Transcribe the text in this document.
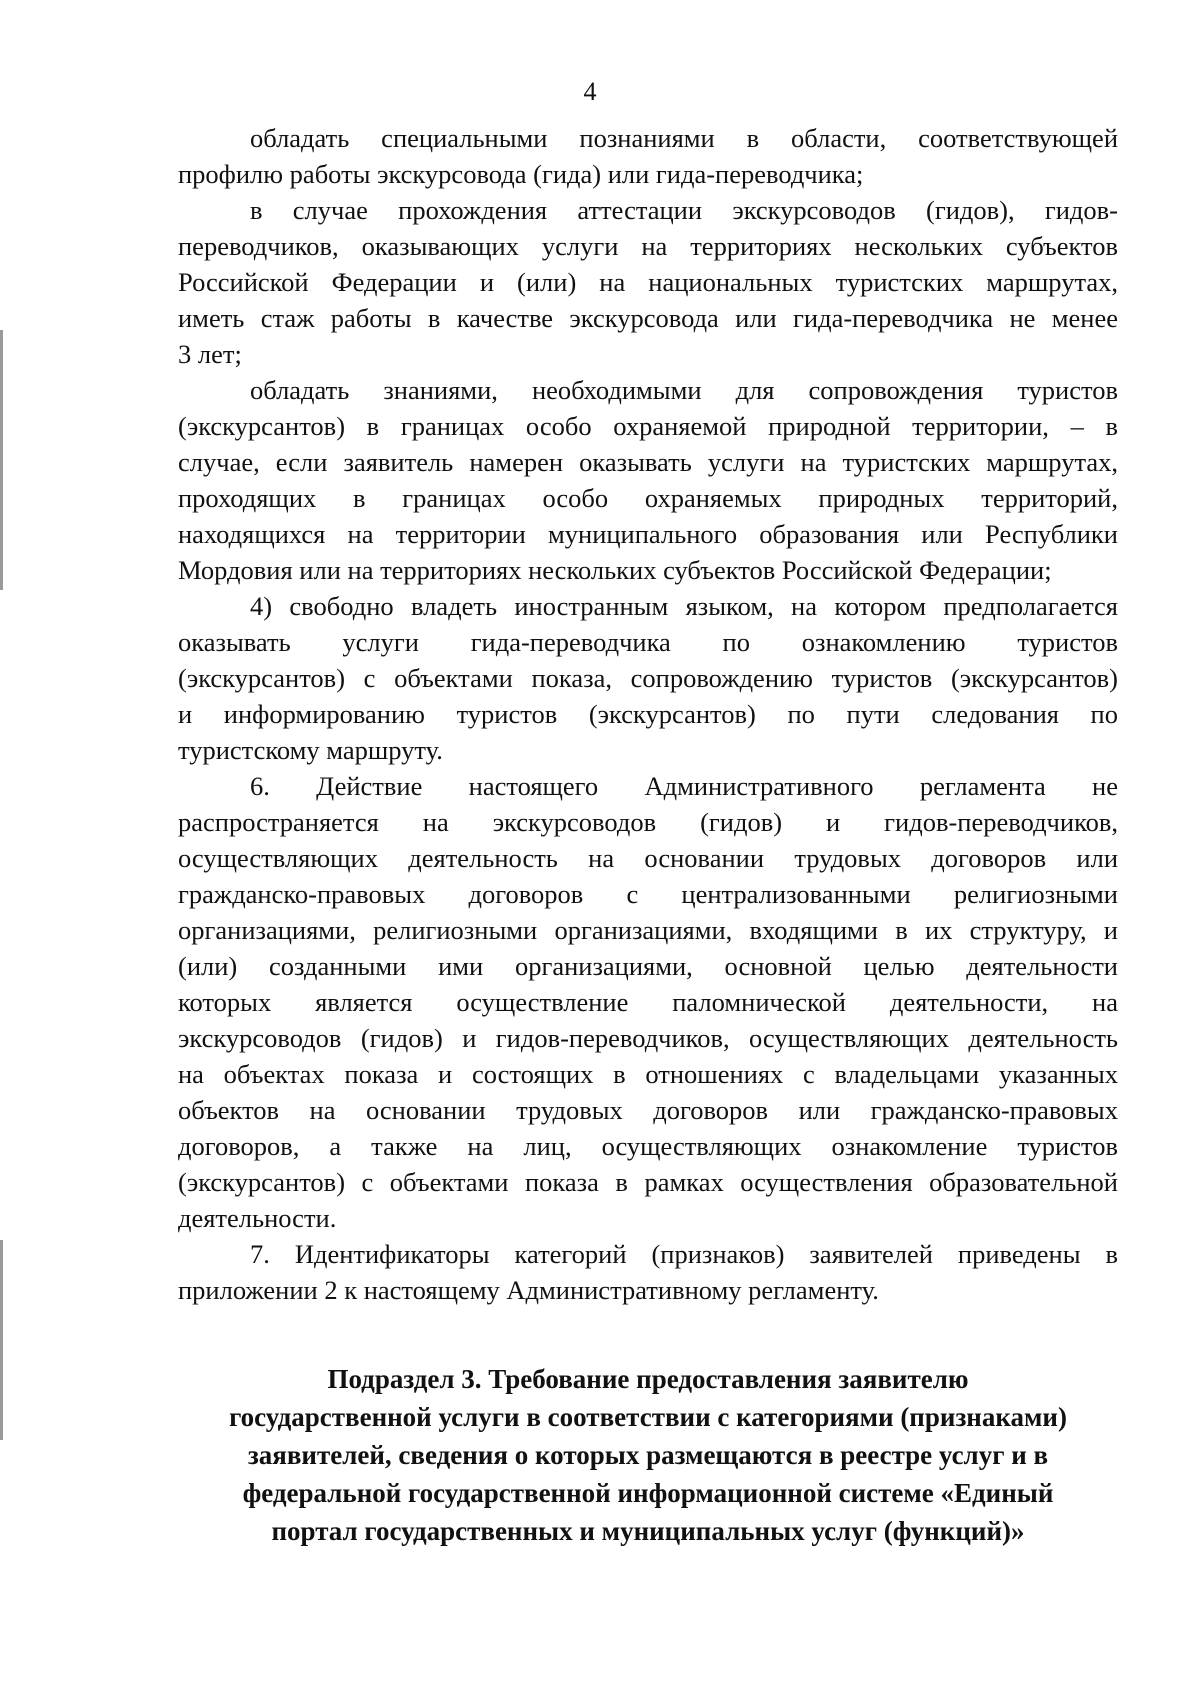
4
обладать специальными познаниями в области, соответствующей
профилю работы экскурсовода (гида) или гида-переводчика;
в случае прохождения аттестации экскурсоводов (гидов), гидов-
переводчиков, оказывающих услуги на территориях нескольких субъектов
Российской Федерации и (или) на национальных туристских маршрутах,
иметь стаж работы в качестве экскурсовода или гида-переводчика не менее
3 лет;
обладать знаниями, необходимыми для сопровождения туристов
(экскурсантов) в границах особо охраняемой природной территории, – в
случае, если заявитель намерен оказывать услуги на туристских маршрутах,
проходящих в границах особо охраняемых природных территорий,
находящихся на территории муниципального образования или Республики
Мордовия или на территориях нескольких субъектов Российской Федерации;
4) свободно владеть иностранным языком, на котором предполагается
оказывать услуги гида-переводчика по ознакомлению туристов
(экскурсантов) с объектами показа, сопровождению туристов (экскурсантов)
и информированию туристов (экскурсантов) по пути следования по
туристскому маршруту.
6. Действие настоящего Административного регламента не
распространяется на экскурсоводов (гидов) и гидов-переводчиков,
осуществляющих деятельность на основании трудовых договоров или
гражданско-правовых договоров с централизованными религиозными
организациями, религиозными организациями, входящими в их структуру, и
(или) созданными ими организациями, основной целью деятельности
которых является осуществление паломнической деятельности, на
экскурсоводов (гидов) и гидов-переводчиков, осуществляющих деятельность
на объектах показа и состоящих в отношениях с владельцами указанных
объектов на основании трудовых договоров или гражданско-правовых
договоров, а также на лиц, осуществляющих ознакомление туристов
(экскурсантов) с объектами показа в рамках осуществления образовательной
деятельности.
7. Идентификаторы категорий (признаков) заявителей приведены в
приложении 2 к настоящему Административному регламенту.
Подраздел 3. Требование предоставления заявителю
государственной услуги в соответствии с категориями (признаками)
заявителей, сведения о которых размещаются в реестре услуг и в
федеральной государственной информационной системе «Единый
портал государственных и муниципальных услуг (функций)»
